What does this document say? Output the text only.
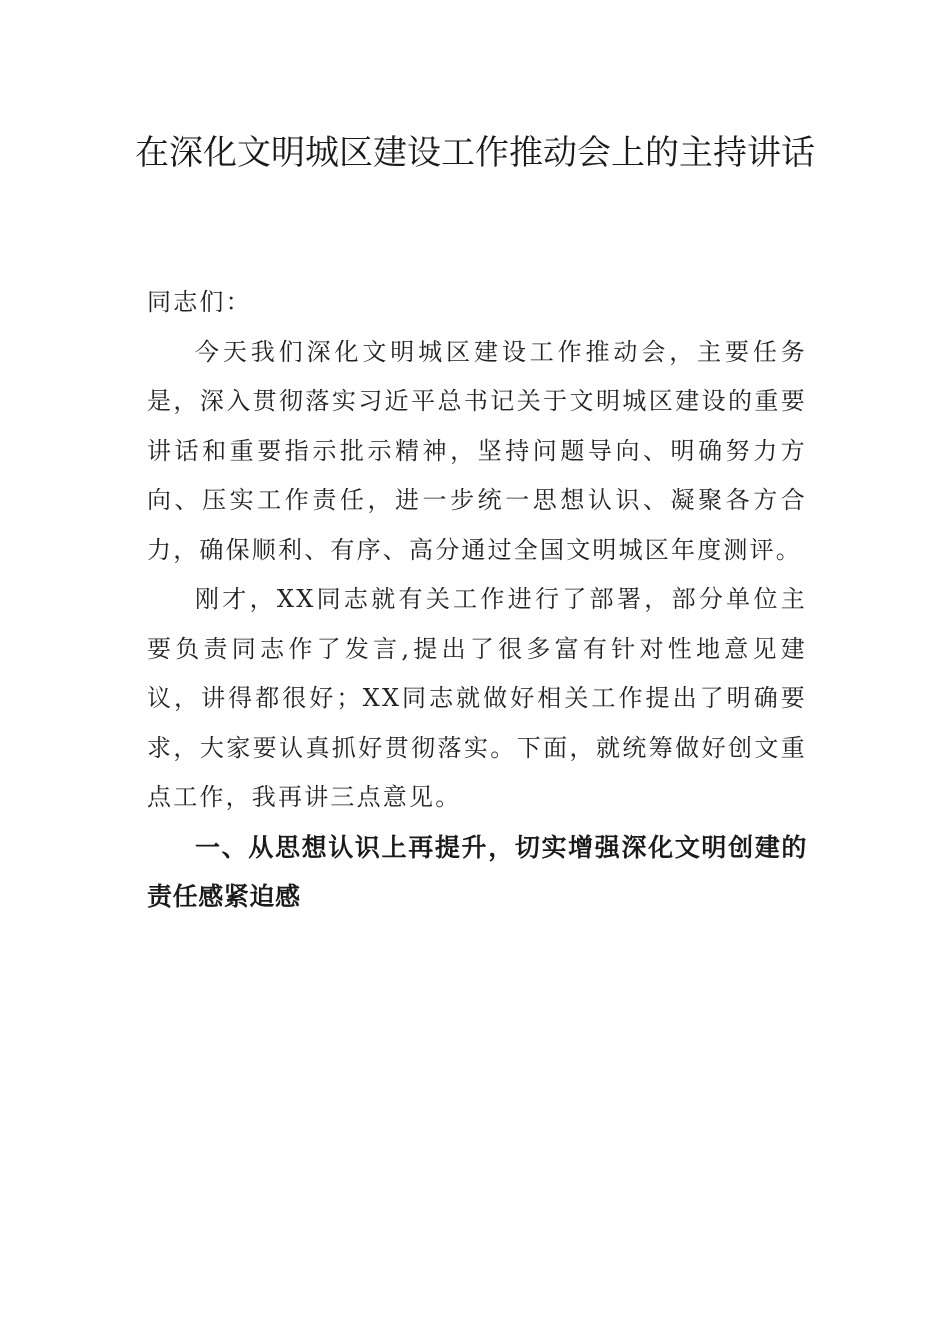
在深化文明城区建设工作推动会上的主持讲话

同志们：

今天我们深化文明城区建设工作推动会，主要任务是，深入贯彻落实习近平总书记关于文明城区建设的重要讲话和重要指示批示精神，坚持问题导向、明确努力方向、压实工作责任，进一步统一思想认识、凝聚各方合力，确保顺利、有序、高分通过全国文明城区年度测评。

刚才，XX同志就有关工作进行了部署，部分单位主要负责同志作了发言,提出了很多富有针对性地意见建议，讲得都很好；XX同志就做好相关工作提出了明确要求，大家要认真抓好贯彻落实。下面，就统筹做好创文重点工作，我再讲三点意见。

一、从思想认识上再提升，切实增强深化文明创建的责任感紧迫感
